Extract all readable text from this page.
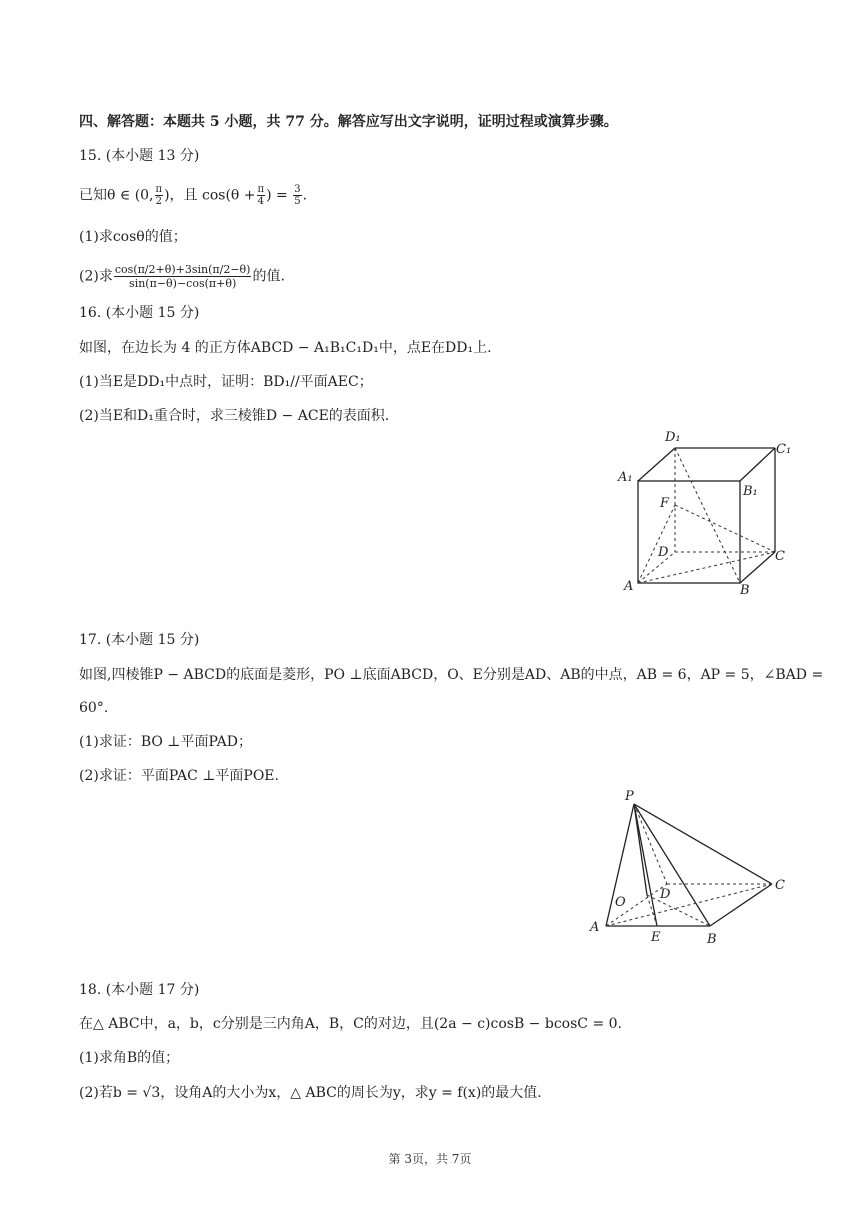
四、解答题：本题共 5 小题，共 77 分。解答应写出文字说明，证明过程或演算步骤。
15. (本小题 13 分)
已知θ ∈ (0, $\frac{\pi}{2}$ )，且 $\cos(\theta + \frac{\pi}{4}$ ) = $\frac{3}{5}$ .
(1)求cosθ的值；
(2)求 $\frac{\cos(\pi/2+\theta)+3\sin(\pi/2-\theta)}{\sin(\pi-\theta)-\cos(\pi+\theta)}$ 的值.
16. (本小题 15 分)
如图，在边长为 4 的正方体ABCD − A₁B₁C₁D₁中，点E在DD₁上.
(1)当E是DD₁中点时，证明：BD₁//平面AEC；
(2)当E和D₁重合时，求三棱锥D − ACE的表面积.
D₁
C₁
A₁
B₁
F
D	C
A	B
17. (本小题 15 分)
如图,四棱锥P − ABCD的底面是菱形，PO ⊥底面ABCD，O、E分别是AD、AB的中点，AB = 6，AP = 5，∠BAD =
60°.
(1)求证：BO ⊥平面PAD；
(2)求证：平面PAC ⊥平面POE.
P
C
D
O
A
E	B
18. (本小题 17 分)
在△ ABC中，a，b，c分别是三内角A，B，C的对边，且(2a − c)cosB − bcosC = 0.
(1)求角B的值；
(2)若b = √3，设角A的大小为x，△ ABC的周长为y，求y = f(x)的最大值.
第 3页，共 7页
